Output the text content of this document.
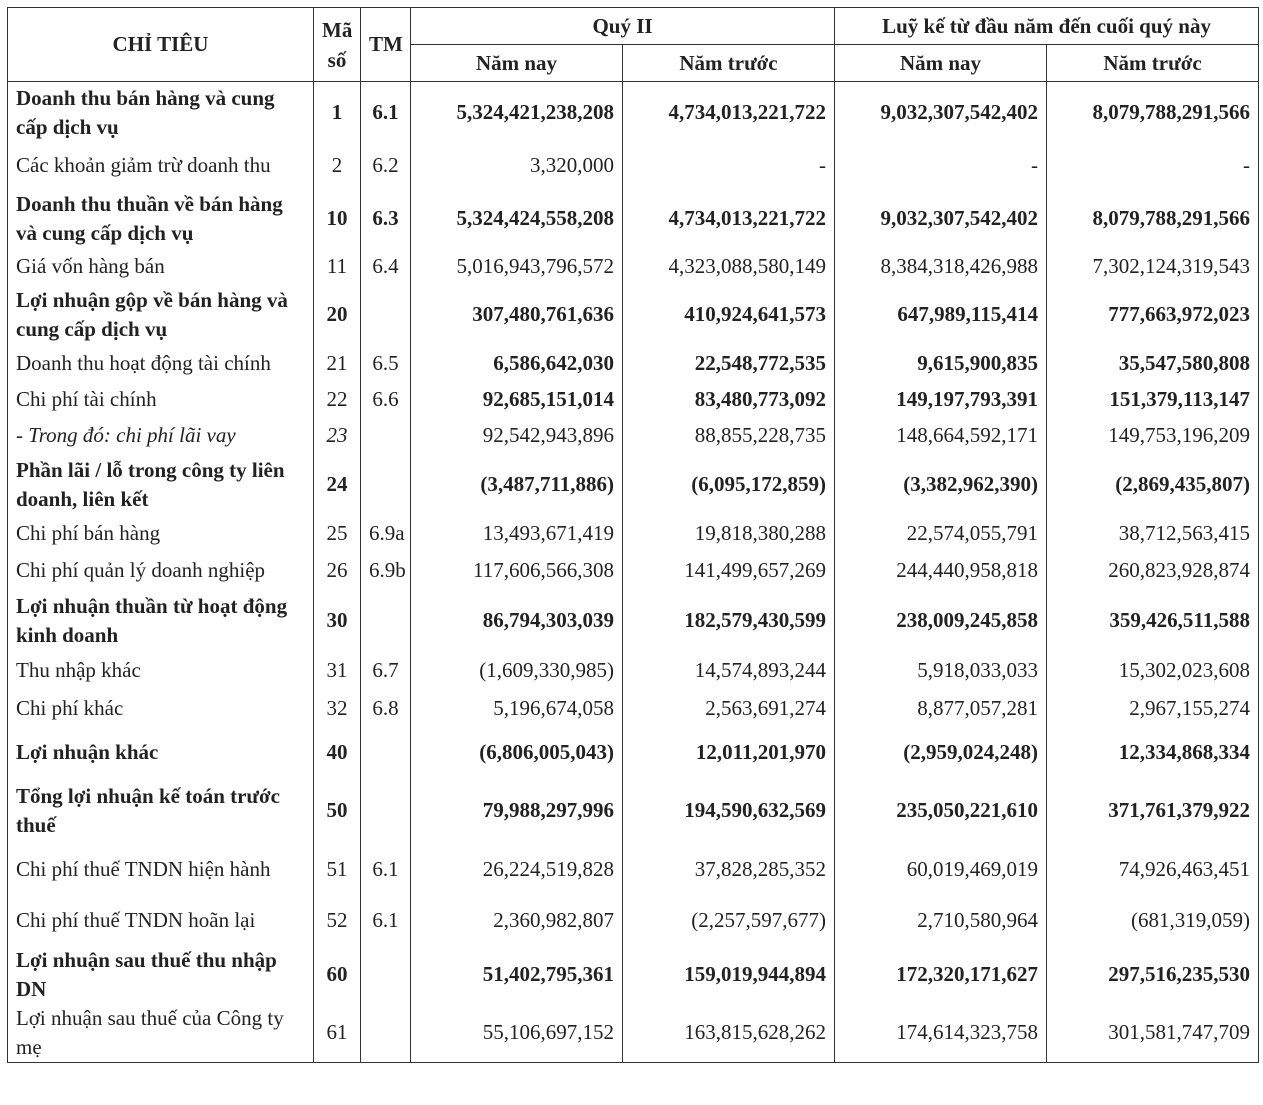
CHỈ TIÊU	Mã số	TM	Quý II		Luỹ kế từ đầu năm đến cuối quý này	
			Năm nay	Năm trước	Năm nay	Năm trước
Doanh thu bán hàng và cung cấp dịch vụ	1	6.1	5,324,421,238,208	4,734,013,221,722	9,032,307,542,402	8,079,788,291,566
Các khoản giảm trừ doanh thu	2	6.2	3,320,000	-	-	-
Doanh thu thuần về bán hàng và cung cấp dịch vụ	10	6.3	5,324,424,558,208	4,734,013,221,722	9,032,307,542,402	8,079,788,291,566
Giá vốn hàng bán	11	6.4	5,016,943,796,572	4,323,088,580,149	8,384,318,426,988	7,302,124,319,543
Lợi nhuận gộp về bán hàng và cung cấp dịch vụ	20		307,480,761,636	410,924,641,573	647,989,115,414	777,663,972,023
Doanh thu hoạt động tài chính	21	6.5	6,586,642,030	22,548,772,535	9,615,900,835	35,547,580,808
Chi phí tài chính	22	6.6	92,685,151,014	83,480,773,092	149,197,793,391	151,379,113,147
- Trong đó: chi phí lãi vay	23		92,542,943,896	88,855,228,735	148,664,592,171	149,753,196,209
Phần lãi / lỗ trong công ty liên doanh, liên kết	24		(3,487,711,886)	(6,095,172,859)	(3,382,962,390)	(2,869,435,807)
Chi phí bán hàng	25	6.9a	13,493,671,419	19,818,380,288	22,574,055,791	38,712,563,415
Chi phí quản lý doanh nghiệp	26	6.9b	117,606,566,308	141,499,657,269	244,440,958,818	260,823,928,874
Lợi nhuận thuần từ hoạt động kinh doanh	30		86,794,303,039	182,579,430,599	238,009,245,858	359,426,511,588
Thu nhập khác	31	6.7	(1,609,330,985)	14,574,893,244	5,918,033,033	15,302,023,608
Chi phí khác	32	6.8	5,196,674,058	2,563,691,274	8,877,057,281	2,967,155,274
Lợi nhuận khác	40		(6,806,005,043)	12,011,201,970	(2,959,024,248)	12,334,868,334
Tổng lợi nhuận kế toán trước thuế	50		79,988,297,996	194,590,632,569	235,050,221,610	371,761,379,922
Chi phí thuế TNDN hiện hành	51	6.1	26,224,519,828	37,828,285,352	60,019,469,019	74,926,463,451
Chi phí thuế TNDN hoãn lại	52	6.1	2,360,982,807	(2,257,597,677)	2,710,580,964	(681,319,059)
Lợi nhuận sau thuế thu nhập DN	60		51,402,795,361	159,019,944,894	172,320,171,627	297,516,235,530
Lợi nhuận sau thuế của Công ty mẹ	61		55,106,697,152	163,815,628,262	174,614,323,758	301,581,747,709
